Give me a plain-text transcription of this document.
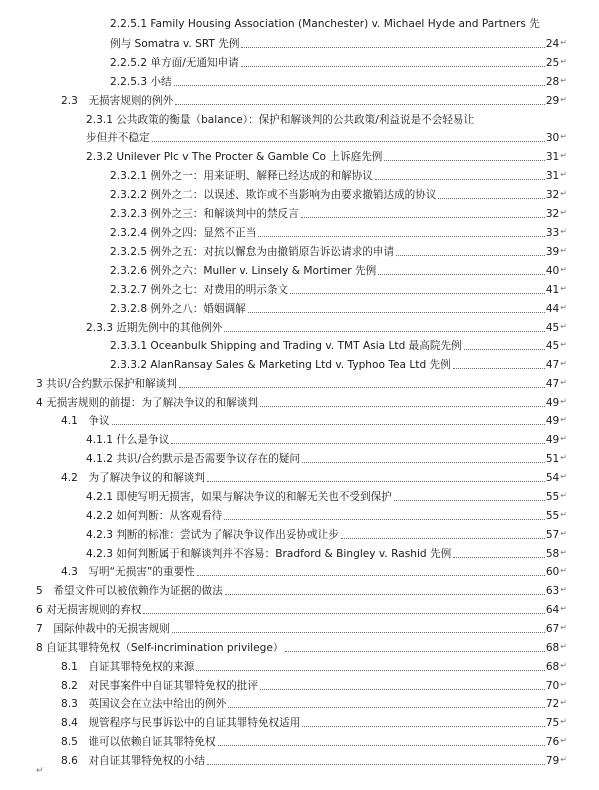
2.2.5.1 Family Housing Association (Manchester) v. Michael Hyde and Partners 先
例与 Somatra v. SRT 先例	24 ↵
2.2.5.2 单方面/无通知申请	25 ↵
2.2.5.3 小结	28 ↵
2.3　无损害规则的例外	29 ↵
2.3.1 公共政策的衡量（balance）：保护和解谈判的公共政策/利益说是不会轻易让
步但并不稳定	30 ↵
2.3.2 Unilever Plc v The Procter & Gamble Co 上诉庭先例	31 ↵
2.3.2.1 例外之一：用来证明、解释已经达成的和解协议	31 ↵
2.3.2.2 例外之二：以误述、欺诈或不当影响为由要求撤销达成的协议	32 ↵
2.3.2.3 例外之三：和解谈判中的禁反言	32 ↵
2.3.2.4 例外之四：显然不正当	33 ↵
2.3.2.5 例外之五：对抗以懈怠为由撤销原告诉讼请求的申请	39 ↵
2.3.2.6 例外之六：Muller v. Linsely & Mortimer 先例	40 ↵
2.3.2.7 例外之七：对费用的明示条文	41 ↵
2.3.2.8 例外之八：婚姻调解	44 ↵
2.3.3 近期先例中的其他例外	45 ↵
2.3.3.1 Oceanbulk Shipping and Trading v. TMT Asia Ltd 最高院先例	45 ↵
2.3.3.2 AlanRansay Sales & Marketing Ltd v. Typhoo Tea Ltd 先例	47 ↵
3 共识/合约默示保护和解谈判	47 ↵
4 无损害规则的前提：为了解决争议的和解谈判	49 ↵
4.1　争议	49 ↵
4.1.1 什么是争议	49 ↵
4.1.2 共识/合约默示是否需要争议存在的疑问	51 ↵
4.2　为了解决争议的和解谈判	54 ↵
4.2.1 即使写明无损害，如果与解决争议的和解无关也不受到保护	55 ↵
4.2.2 如何判断：从客观看待	55 ↵
4.2.3 判断的标准：尝试为了解决争议作出妥协或让步	57 ↵
4.2.3 如何判断属于和解谈判并不容易：Bradford & Bingley v. Rashid 先例	58 ↵
4.3　写明“无损害”的重要性	60 ↵
5　希望文件可以被依赖作为证据的做法	63 ↵
6 对无损害规则的弃权	64 ↵
7　国际仲裁中的无损害规则	67 ↵
8 自证其罪特免权（Self-incrimination privilege）	68 ↵
8.1　自证其罪特免权的来源	68 ↵
8.2　对民事案件中自证其罪特免权的批评	70 ↵
8.3　英国议会在立法中给出的例外	72 ↵
8.4　规管程序与民事诉讼中的自证其罪特免权适用	75 ↵
8.5　谁可以依赖自证其罪特免权	76 ↵
8.6　对自证其罪特免权的小结	79 ↵
↵
